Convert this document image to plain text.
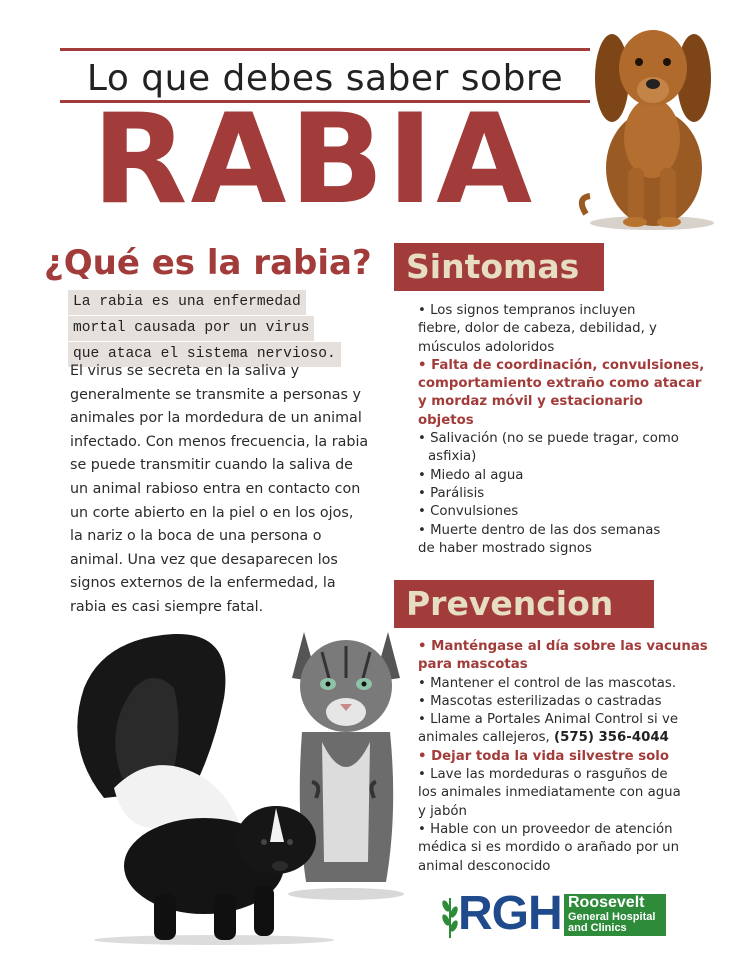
Lo que debes saber sobre
RABIA
¿Qué es la rabia?
La rabia es una enfermedad
mortal causada por un virus
que ataca el sistema nervioso.
El virus se secreta en la saliva y generalmente se transmite a personas y animales por la mordedura de un animal infectado. Con menos frecuencia, la rabia se puede transmitir cuando la saliva de un animal rabioso entra en contacto con un corte abierto en la piel o en los ojos, la nariz o la boca de una persona o animal. Una vez que desaparecen los signos externos de la enfermedad, la rabia es casi siempre fatal.
Sintomas
• Los signos tempranos incluyen
fiebre, dolor de cabeza, debilidad, y
músculos adoloridos
• Falta de coordinación, convulsiones,
comportamiento extraño como atacar
y mordaz móvil y estacionario
objetos
• Salivación (no se puede tragar, como
asfixia)
• Miedo al agua
• Parálisis
• Convulsiones
• Muerte dentro de las dos semanas
de haber mostrado signos
Prevencion
• Manténgase al día sobre las vacunas
para mascotas
• Mantener el control de las mascotas.
• Mascotas esterilizadas o castradas
• Llame a Portales Animal Control si ve
animales callejeros, (575) 356-4044
• Dejar toda la vida silvestre solo
• Lave las mordeduras o rasguños de
los animales inmediatamente con agua
y jabón
• Hable con un proveedor de atención
médica si es mordido o arañado por un
animal desconocido
RGH Roosevelt
General Hospital
and Clinics
